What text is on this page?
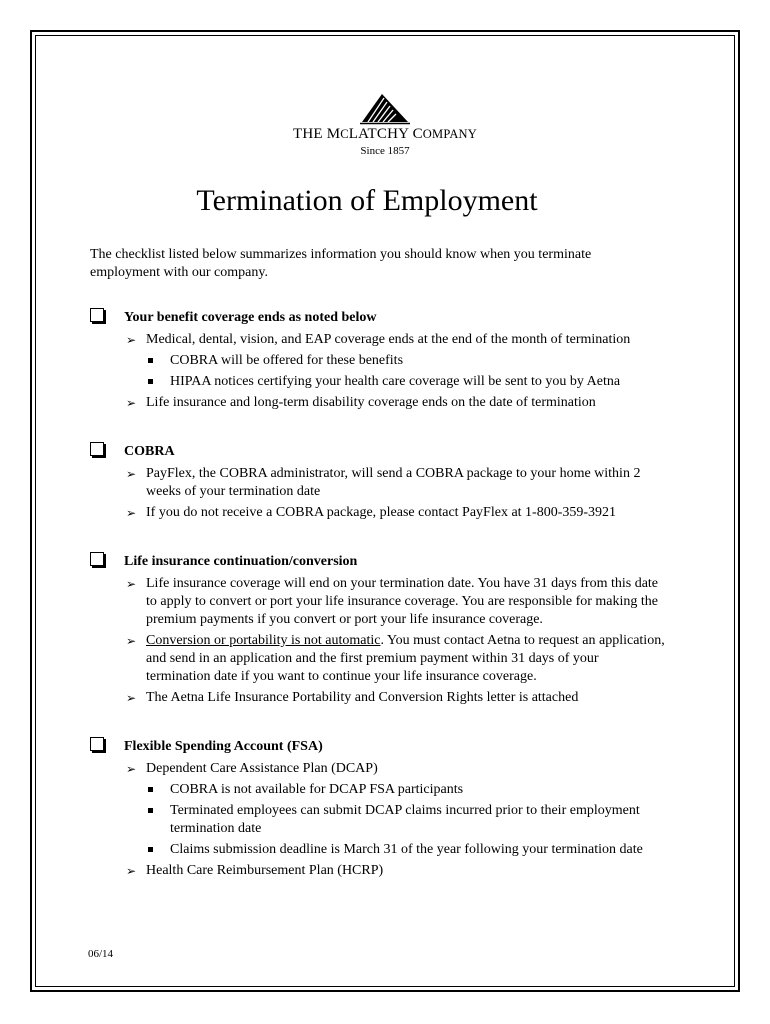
THE MCLATCHY COMPANY
Since 1857
Termination of Employment
The checklist listed below summarizes information you should know when you terminate employment with our company.
Your benefit coverage ends as noted below
➢ Medical, dental, vision, and EAP coverage ends at the end of the month of termination
COBRA will be offered for these benefits
HIPAA notices certifying your health care coverage will be sent to you by Aetna
➢ Life insurance and long-term disability coverage ends on the date of termination
COBRA
➢ PayFlex, the COBRA administrator, will send a COBRA package to your home within 2 weeks of your termination date
➢ If you do not receive a COBRA package, please contact PayFlex at 1-800-359-3921
Life insurance continuation/conversion
➢ Life insurance coverage will end on your termination date. You have 31 days from this date to apply to convert or port your life insurance coverage. You are responsible for making the premium payments if you convert or port your life insurance coverage.
➢ Conversion or portability is not automatic. You must contact Aetna to request an application, and send in an application and the first premium payment within 31 days of your termination date if you want to continue your life insurance coverage.
➢ The Aetna Life Insurance Portability and Conversion Rights letter is attached
Flexible Spending Account (FSA)
➢ Dependent Care Assistance Plan (DCAP)
COBRA is not available for DCAP FSA participants
Terminated employees can submit DCAP claims incurred prior to their employment termination date
Claims submission deadline is March 31 of the year following your termination date
➢ Health Care Reimbursement Plan (HCRP)
06/14
